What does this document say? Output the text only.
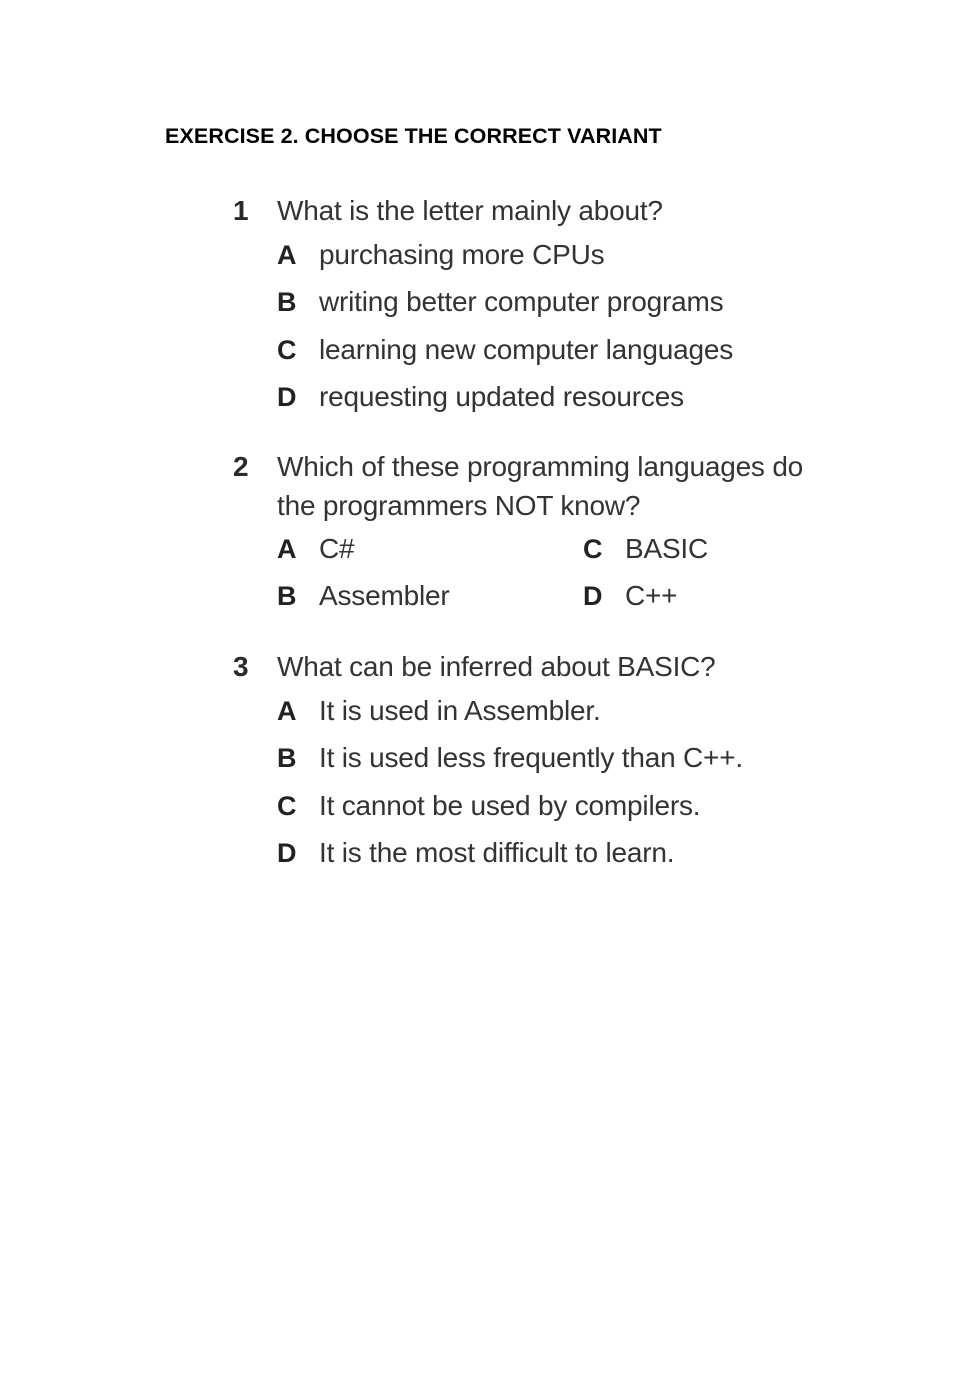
EXERCISE 2. CHOOSE THE CORRECT VARIANT
1	What is the letter mainly about?
A purchasing more CPUs
B writing better computer programs
C learning new computer languages
D requesting updated resources
2	Which of these programming languages do
the programmers NOT know?
A C#	C BASIC
B Assembler	D C++
3	What can be inferred about BASIC?
A It is used in Assembler.
B It is used less frequently than C++.
C It cannot be used by compilers.
D It is the most difficult to learn.
